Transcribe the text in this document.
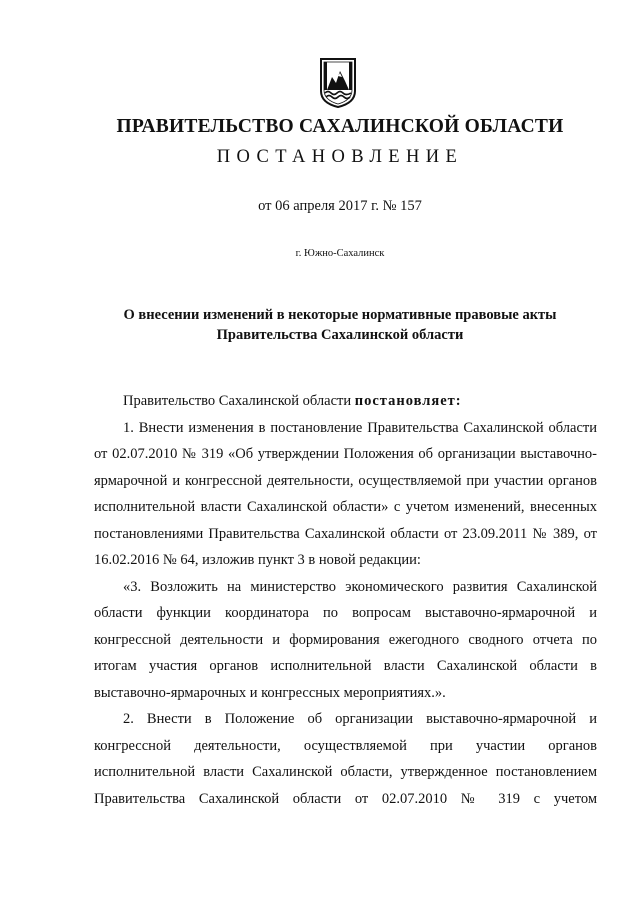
ПРАВИТЕЛЬСТВО САХАЛИНСКОЙ ОБЛАСТИ
ПОСТАНОВЛЕНИЕ
от 06 апреля 2017 г. № 157
г. Южно-Сахалинск
О внесении изменений в некоторые нормативные правовые акты
Правительства Сахалинской области

Правительство Сахалинской области постановляет:

1. Внести изменения в постановление Правительства Сахалинской области от 02.07.2010 № 319 «Об утверждении Положения об организации выставочно-ярмарочной и конгрессной деятельности, осуществляемой при участии органов исполнительной власти Сахалинской области» с учетом изменений, внесенных постановлениями Правительства Сахалинской области от 23.09.2011 № 389, от 16.02.2016 № 64, изложив пункт 3 в новой редакции:

«3. Возложить на министерство экономического развития Сахалинской области функции координатора по вопросам выставочно-ярмарочной и конгрессной деятельности и формирования ежегодного сводного отчета по итогам участия органов исполнительной власти Сахалинской области в выставочно-ярмарочных и конгрессных мероприятиях.».

2. Внести в Положение об организации выставочно-ярмарочной и конгрессной деятельности, осуществляемой при участии органов исполнительной власти Сахалинской области, утвержденное постановлением Правительства Сахалинской области от 02.07.2010 № 319 с учетом
